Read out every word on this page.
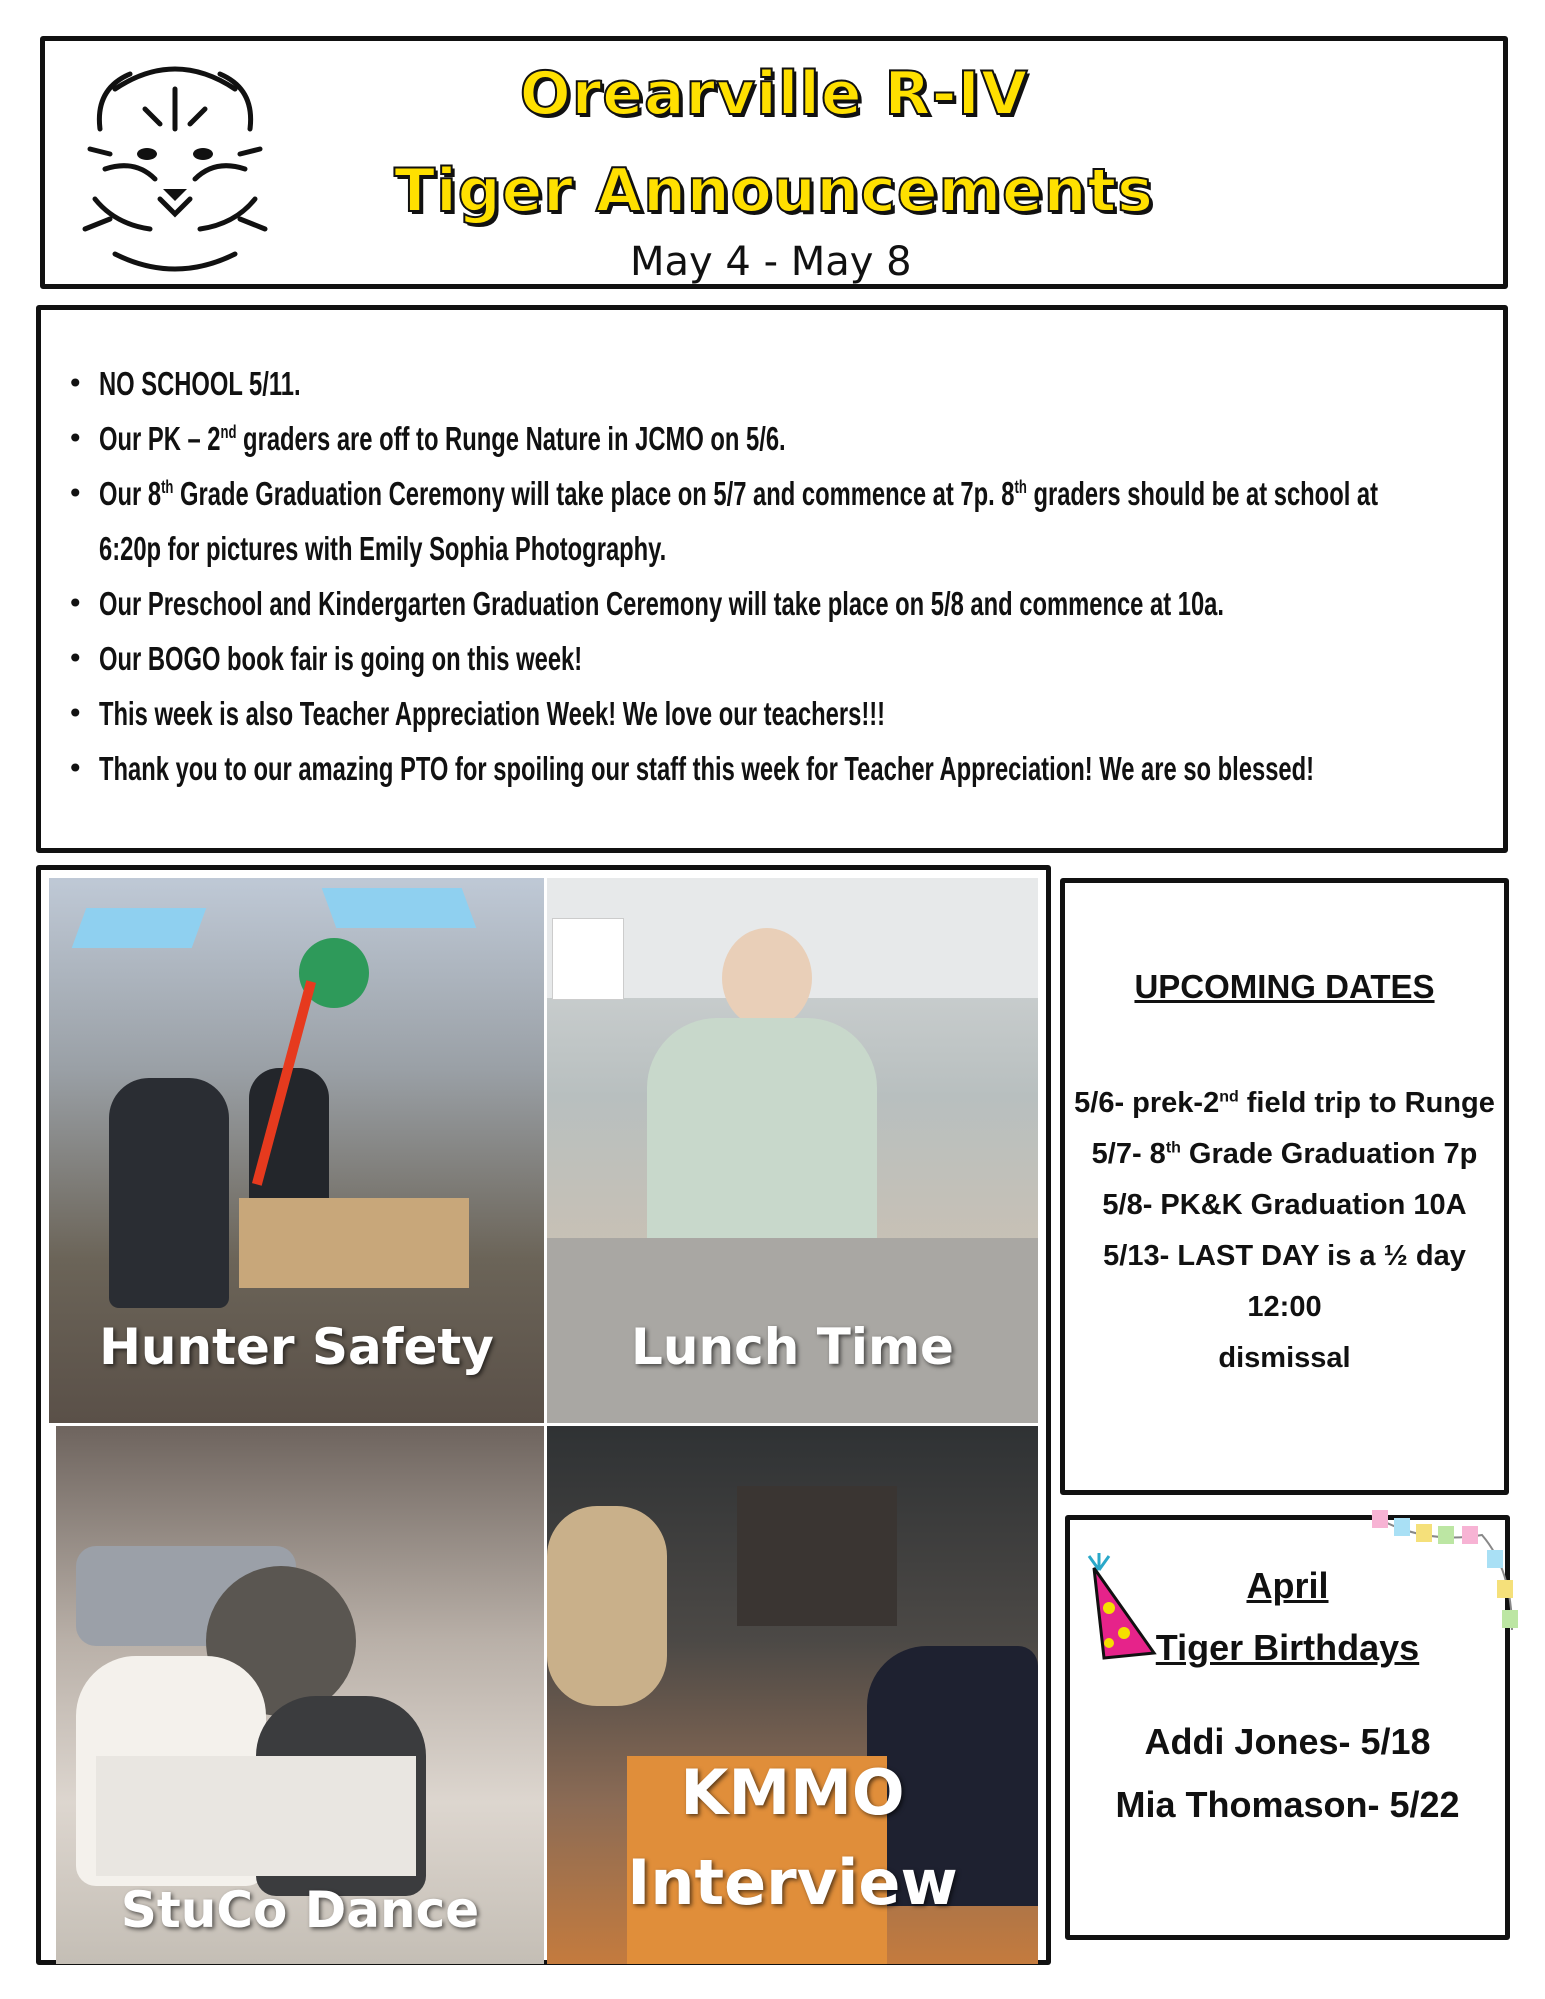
Orearville R-IV
Tiger Announcements
May 4 - May 8
• NO SCHOOL 5/11.
• Our PK – 2nd graders are off to Runge Nature in JCMO on 5/6.
• Our 8th Grade Graduation Ceremony will take place on 5/7 and commence at 7p. 8th graders should be at school at 6:20p for pictures with Emily Sophia Photography.
• Our Preschool and Kindergarten Graduation Ceremony will take place on 5/8 and commence at 10a.
• Our BOGO book fair is going on this week!
• This week is also Teacher Appreciation Week! We love our teachers!!!
• Thank you to our amazing PTO for spoiling our staff this week for Teacher Appreciation! We are so blessed!
Hunter Safety	Lunch Time
StuCo Dance
KMMO
Interview
UPCOMING DATES
5/6- prek-2nd field trip to Runge
5/7- 8th Grade Graduation 7p
5/8- PK&K Graduation 10A
5/13- LAST DAY is a ½ day 12:00
dismissal
April
Tiger Birthdays
Addi Jones- 5/18
Mia Thomason- 5/22
